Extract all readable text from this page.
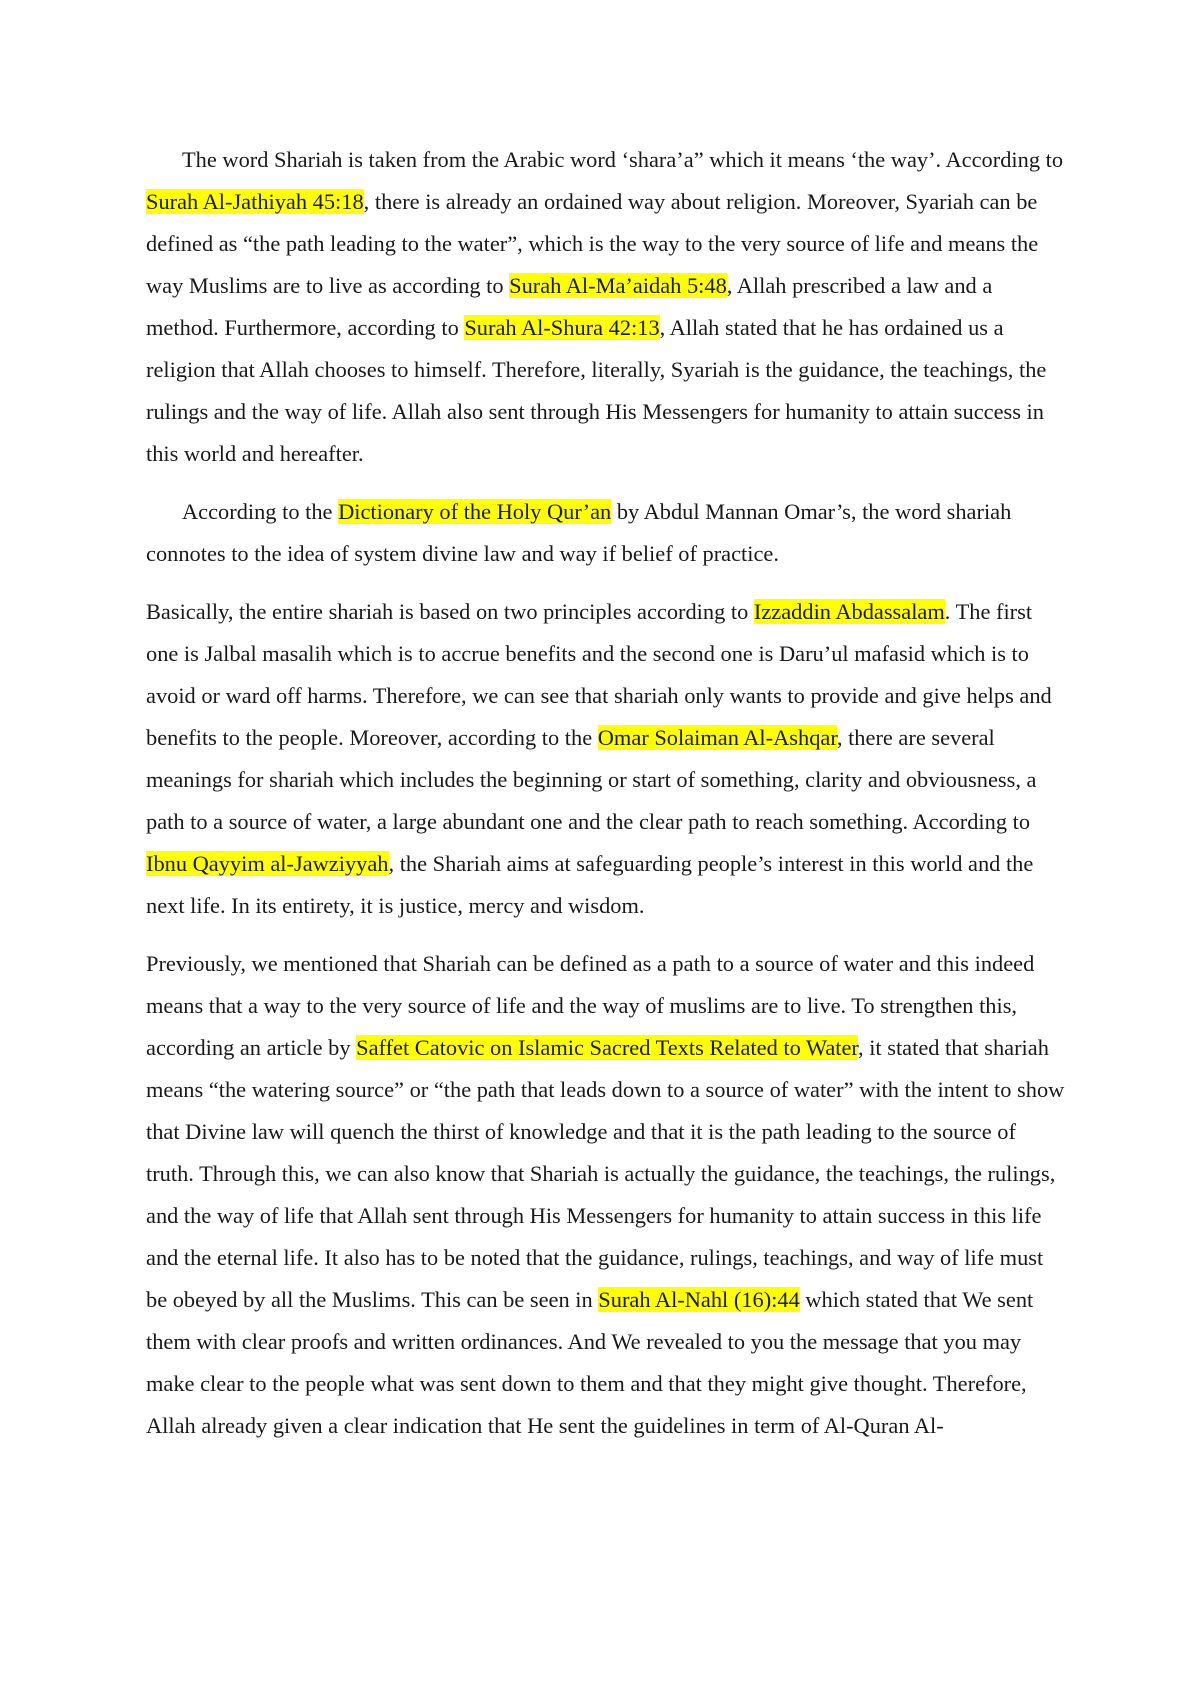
The word Shariah is taken from the Arabic word ‘shara’a” which it means ‘the way’. According to Surah Al-Jathiyah 45:18, there is already an ordained way about religion. Moreover, Syariah can be defined as “the path leading to the water”, which is the way to the very source of life and means the way Muslims are to live as according to Surah Al-Ma’aidah 5:48, Allah prescribed a law and a method. Furthermore, according to Surah Al-Shura 42:13, Allah stated that he has ordained us a religion that Allah chooses to himself. Therefore, literally, Syariah is the guidance, the teachings, the rulings and the way of life. Allah also sent through His Messengers for humanity to attain success in this world and hereafter.

According to the Dictionary of the Holy Qur’an by Abdul Mannan Omar’s, the word shariah connotes to the idea of system divine law and way if belief of practice.

Basically, the entire shariah is based on two principles according to Izzaddin Abdassalam. The first one is Jalbal masalih which is to accrue benefits and the second one is Daru’ul mafasid which is to avoid or ward off harms. Therefore, we can see that shariah only wants to provide and give helps and benefits to the people. Moreover, according to the Omar Solaiman Al-Ashqar, there are several meanings for shariah which includes the beginning or start of something, clarity and obviousness, a path to a source of water, a large abundant one and the clear path to reach something. According to Ibnu Qayyim al-Jawziyyah, the Shariah aims at safeguarding people’s interest in this world and the next life. In its entirety, it is justice, mercy and wisdom.

Previously, we mentioned that Shariah can be defined as a path to a source of water and this indeed means that a way to the very source of life and the way of muslims are to live. To strengthen this, according an article by Saffet Catovic on Islamic Sacred Texts Related to Water, it stated that shariah means “the watering source” or “the path that leads down to a source of water” with the intent to show that Divine law will quench the thirst of knowledge and that it is the path leading to the source of truth. Through this, we can also know that Shariah is actually the guidance, the teachings, the rulings, and the way of life that Allah sent through His Messengers for humanity to attain success in this life and the eternal life. It also has to be noted that the guidance, rulings, teachings, and way of life must be obeyed by all the Muslims. This can be seen in Surah Al-Nahl (16):44 which stated that We sent them with clear proofs and written ordinances. And We revealed to you the message that you may make clear to the people what was sent down to them and that they might give thought. Therefore, Allah already given a clear indication that He sent the guidelines in term of Al-Quran Al-
